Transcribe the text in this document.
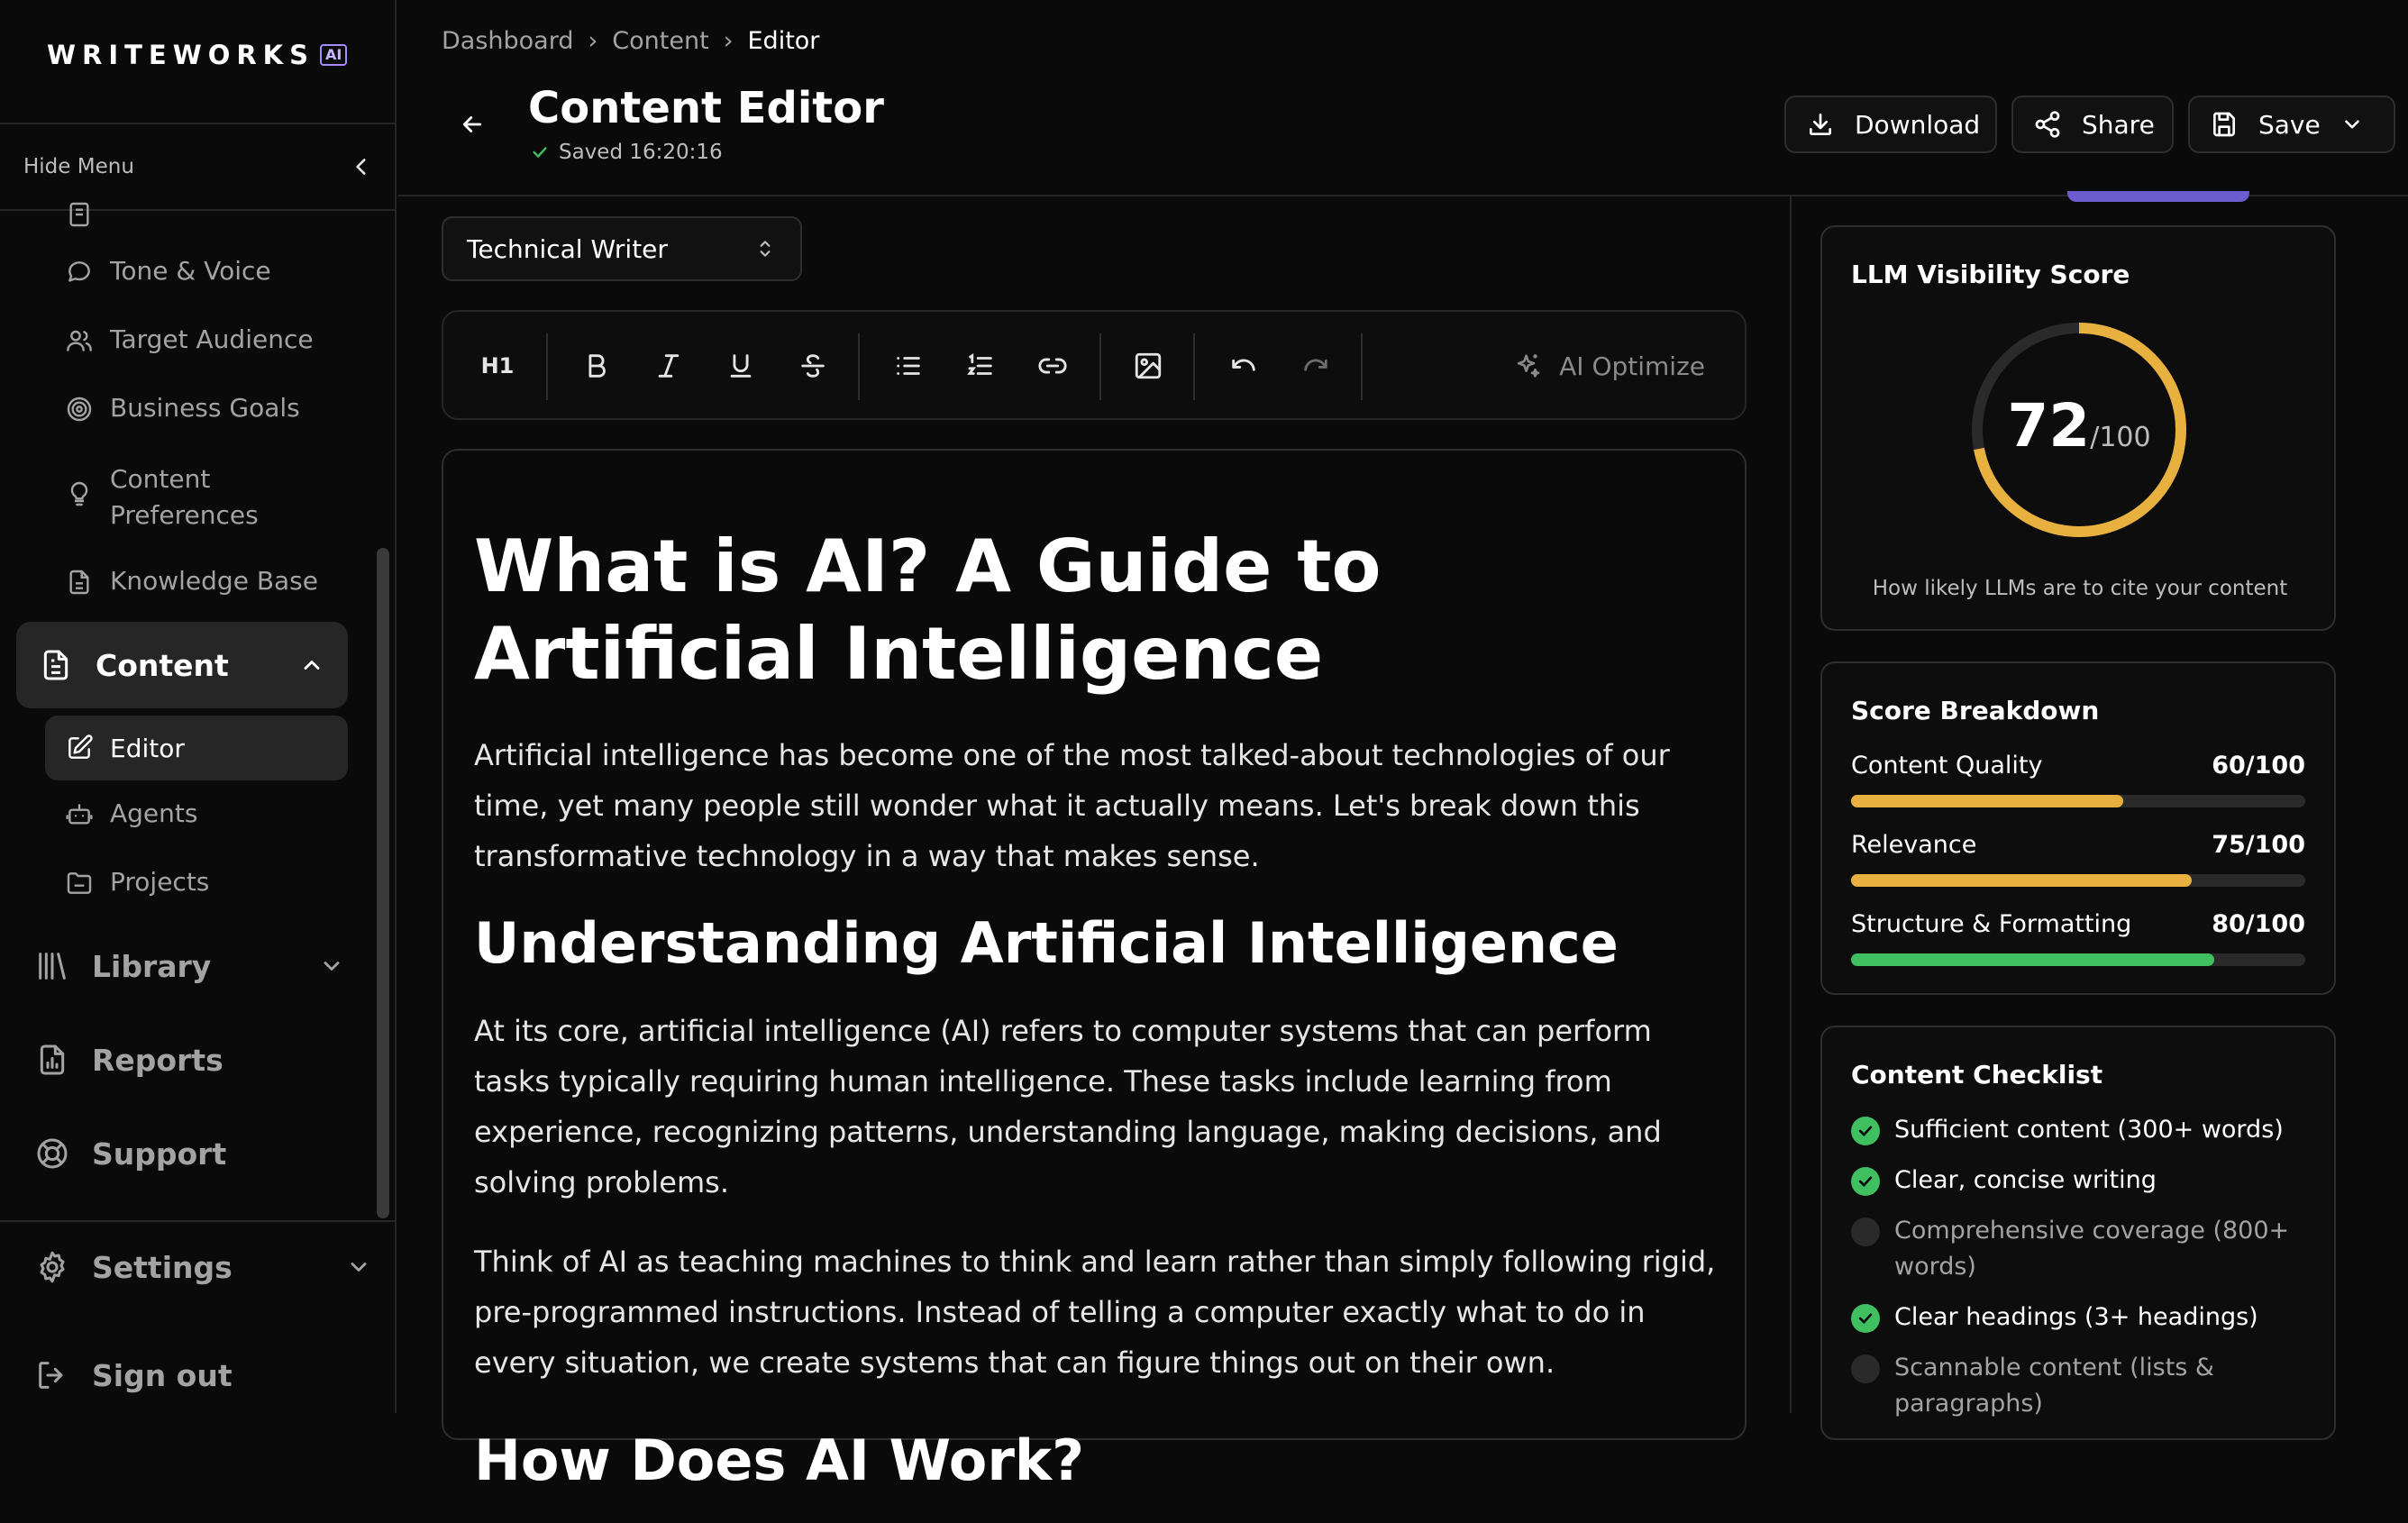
WRITEWORKS AI
Hide Menu
Tone & Voice
Target Audience
Business Goals
Content Preferences
Knowledge Base
Content
Editor
Agents
Projects
Library
Reports
Support
Settings
Sign out
Dashboard › Content › Editor
Content Editor
Saved 16:20:16
Download	Share	Save
Technical Writer
H1	AI Optimize
What is AI? A Guide to Artificial Intelligence

Artificial intelligence has become one of the most talked-about technologies of our time, yet many people still wonder what it actually means. Let's break down this transformative technology in a way that makes sense.

Understanding Artificial Intelligence

At its core, artificial intelligence (AI) refers to computer systems that can perform tasks typically requiring human intelligence. These tasks include learning from experience, recognizing patterns, understanding language, making decisions, and solving problems.

Think of AI as teaching machines to think and learn rather than simply following rigid, pre-programmed instructions. Instead of telling a computer exactly what to do in every situation, we create systems that can figure things out on their own.

How Does AI Work?
LLM Visibility Score
72/100
How likely LLMs are to cite your content
Score Breakdown
Content Quality	60/100
Relevance	75/100
Structure & Formatting	80/100
Content Checklist
Sufficient content (300+ words)
Clear, concise writing
Comprehensive coverage (800+ words)
Clear headings (3+ headings)
Scannable content (lists & paragraphs)
